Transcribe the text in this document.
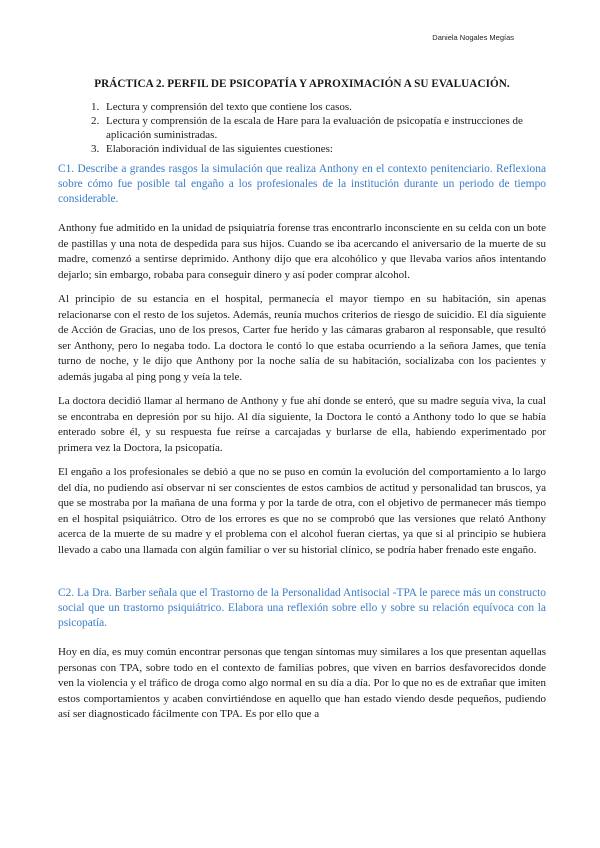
Daniela Nogales Megías
PRÁCTICA 2. PERFIL DE PSICOPATÍA Y APROXIMACIÓN A SU EVALUACIÓN.
1. Lectura y comprensión del texto que contiene los casos.
2. Lectura y comprensión de la escala de Hare para la evaluación de psicopatía e instrucciones de aplicación suministradas.
3. Elaboración individual de las siguientes cuestiones:
C1. Describe a grandes rasgos la simulación que realiza Anthony en el contexto penitenciario. Reflexiona sobre cómo fue posible tal engaño a los profesionales de la institución durante un periodo de tiempo considerable.

Anthony fue admitido en la unidad de psiquiatría forense tras encontrarlo inconsciente en su celda con un bote de pastillas y una nota de despedida para sus hijos. Cuando se iba acercando el aniversario de la muerte de su madre, comenzó a sentirse deprimido. Anthony dijo que era alcohólico y que llevaba varios años intentando dejarlo; sin embargo, robaba para conseguir dinero y así poder comprar alcohol.

Al principio de su estancia en el hospital, permanecía el mayor tiempo en su habitación, sin apenas relacionarse con el resto de los sujetos. Además, reunía muchos criterios de riesgo de suicidio. El día siguiente de Acción de Gracias, uno de los presos, Carter fue herido y las cámaras grabaron al responsable, que resultó ser Anthony, pero lo negaba todo. La doctora le contó lo que estaba ocurriendo a la señora James, que tenía turno de noche, y le dijo que Anthony por la noche salía de su habitación, socializaba con los pacientes y además jugaba al ping pong y veía la tele.

La doctora decidió llamar al hermano de Anthony y fue ahí donde se enteró, que su madre seguía viva, la cual se encontraba en depresión por su hijo. Al día siguiente, la Doctora le contó a Anthony todo lo que se había enterado sobre él, y su respuesta fue reírse a carcajadas y burlarse de ella, habiendo experimentado por primera vez la Doctora, la psicopatía.

El engaño a los profesionales se debió a que no se puso en común la evolución del comportamiento a lo largo del día, no pudiendo así observar ni ser conscientes de estos cambios de actitud y personalidad tan bruscos, ya que se mostraba por la mañana de una forma y por la tarde de otra, con el objetivo de permanecer más tiempo en el hospital psiquiátrico. Otro de los errores es que no se comprobó que las versiones que relató Anthony acerca de la muerte de su madre y el problema con el alcohol fueran ciertas, ya que si al principio se hubiera llevado a cabo una llamada con algún familiar o ver su historial clínico, se podría haber frenado este engaño.

C2. La Dra. Barber señala que el Trastorno de la Personalidad Antisocial -TPA le parece más un constructo social que un trastorno psiquiátrico. Elabora una reflexión sobre ello y sobre su relación equívoca con la psicopatía.

Hoy en día, es muy común encontrar personas que tengan síntomas muy similares a los que presentan aquellas personas con TPA, sobre todo en el contexto de familias pobres, que viven en barrios desfavorecidos donde ven la violencia y el tráfico de droga como algo normal en su día a día. Por lo que no es de extrañar que imiten estos comportamientos y acaben convirtiéndose en aquello que han estado viendo desde pequeños, pudiendo así ser diagnosticado fácilmente con TPA. Es por ello que a
